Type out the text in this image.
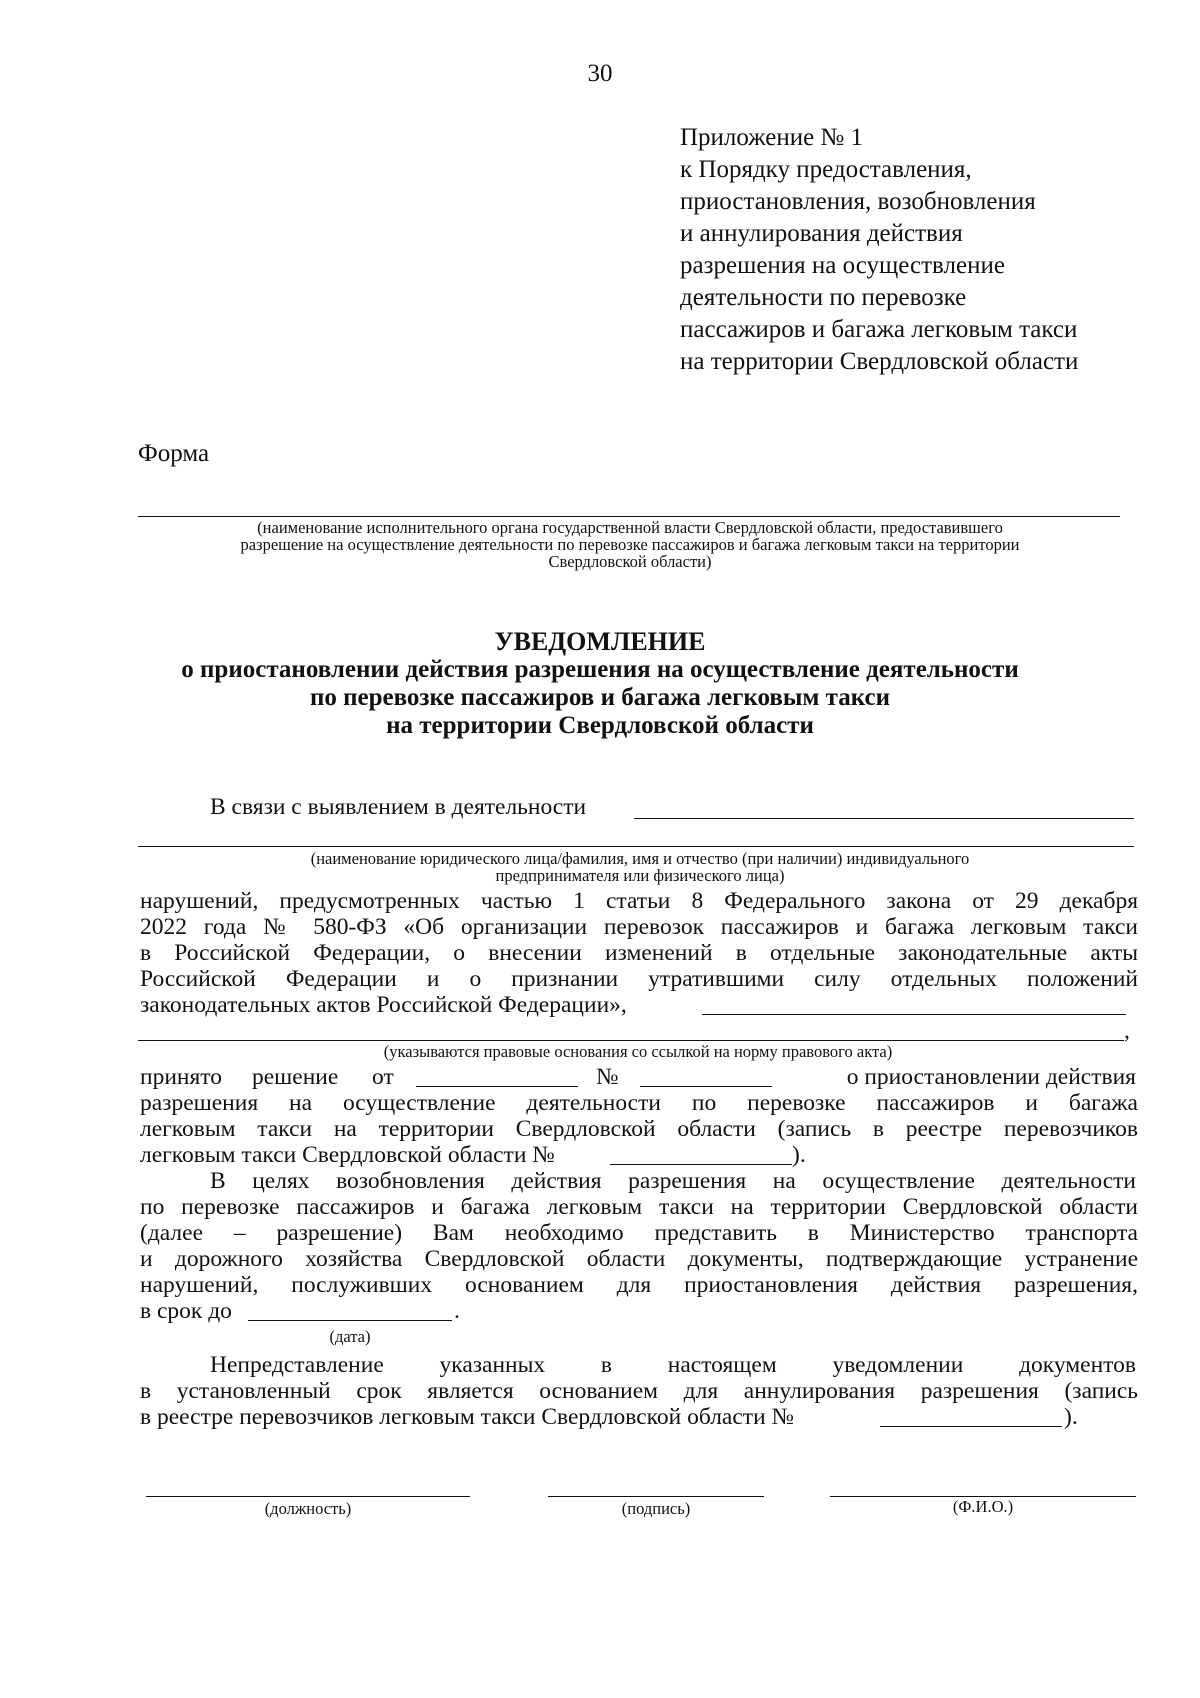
30
Приложение № 1
к Порядку предоставления,
приостановления, возобновления
и аннулирования действия
разрешения на осуществление
деятельности по перевозке
пассажиров и багажа легковым такси
на территории Свердловской области
Форма
(наименование исполнительного органа государственной власти Свердловской области, предоставившего
разрешение на осуществление деятельности по перевозке пассажиров и багажа легковым такси на территории
Свердловской области)
УВЕДОМЛЕНИЕ
о приостановлении действия разрешения на осуществление деятельности
по перевозке пассажиров и багажа легковым такси
на территории Свердловской области
В связи с выявлением в деятельности
(наименование юридического лица/фамилия, имя и отчество (при наличии) индивидуального
предпринимателя или физического лица)
нарушений, предусмотренных частью 1 статьи 8 Федерального закона от 29 декабря
2022 года № 580-ФЗ «Об организации перевозок пассажиров и багажа легковым такси
в Российской Федерации, о внесении изменений в отдельные законодательные акты
Российской Федерации и о признании утратившими силу отдельных положений
законодательных актов Российской Федерации»,
,
(указываются правовые основания со ссылкой на норму правового акта)
принято решение от	№	о приостановлении действия
разрешения на осуществление деятельности по перевозке пассажиров и багажа
легковым такси на территории Свердловской области (запись в реестре перевозчиков
легковым такси Свердловской области №	).
В целях возобновления действия разрешения на осуществление деятельности
по перевозке пассажиров и багажа легковым такси на территории Свердловской области
(далее – разрешение) Вам необходимо представить в Министерство транспорта
и дорожного хозяйства Свердловской области документы, подтверждающие устранение
нарушений, послуживших основанием для приостановления действия разрешения,
в срок до	.
(дата)
Непредставление указанных в настоящем уведомлении документов
в установленный срок является основанием для аннулирования разрешения (запись
в реестре перевозчиков легковым такси Свердловской области №	).
(должность)	(подпись)	(Ф.И.О.)
